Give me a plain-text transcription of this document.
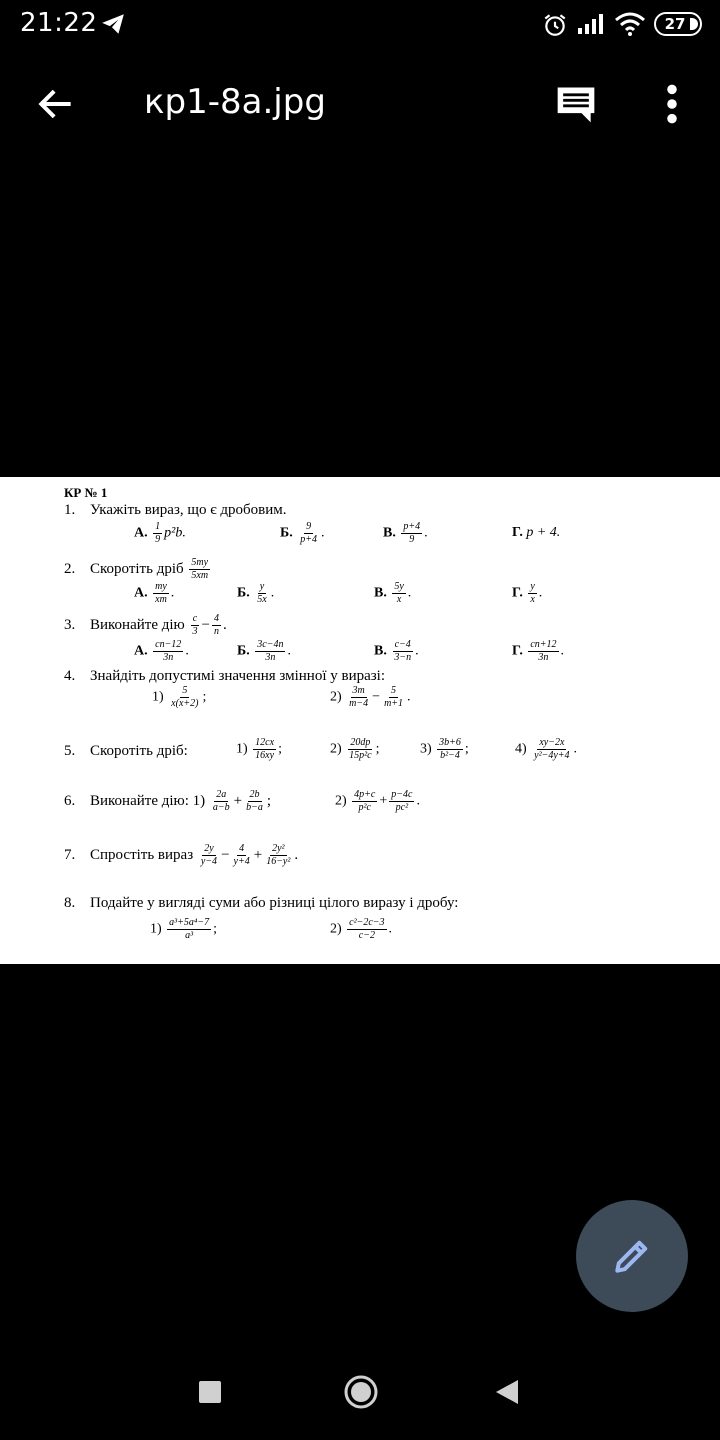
21:22	27
кр1-8а.jpg
КР № 1
1. Укажіть вираз, що є дробовим.
А. $\frac{1}{9} p^2b$.	Б. $\frac{9}{p+4}$ .	В. $\frac{p+4}{9}$ .	Г. p + 4.
2. Скоротіть дріб $\frac{5my}{5xm}$
А. $\frac{my}{xm}$ .	Б. $\frac{y}{5x}$ .	В. $\frac{5y}{x}$ .	Г. $\frac{y}{x}$ .
3. Виконайте дію $\frac{c}{3} - \frac{4}{n}$ .
А. $\frac{cn-12}{3n}$ .	Б. $\frac{3c-4n}{3n}$ .	В. $\frac{c-4}{3-n}$ .	Г. $\frac{cn+12}{3n}$ .
4. Знайдіть допустимі значення змінної у виразі:
$1) \frac{5}{x(x+2)}$ ;	$2) \frac{3m}{m-4} - \frac{5}{m+1}$ .
5. Скоротіть дріб:	$1) \frac{12cx}{16xy}$ ;	$2) \frac{20dp}{\text{15p²c}}$ ;	$3) \frac{3b+6}{\text{b²−4}}$ ;	$4) \frac{xy-2x}{\text{y²−4y+4}}$ .
6. Виконайте дію: $1) \frac{2a}{a-b} + \frac{2b}{b-a}$ ;	$2) \frac{4p+c}{\text{p²c}} + \frac{p-4c}{\text{pc²}}$ .
7. Спростіть вираз $\frac{2y}{y-4} - \frac{4}{y+4} + \frac{\text{2y²}}{\text{16−y²}}$ .
8. Подайте у вигляді суми або різниці цілого виразу і дробу:
$1) \frac{\text{a³+5a⁴−7}}{\text{a³}}$ ;	$2) \frac{\text{c²−2c−3}}{c-2}$ .
